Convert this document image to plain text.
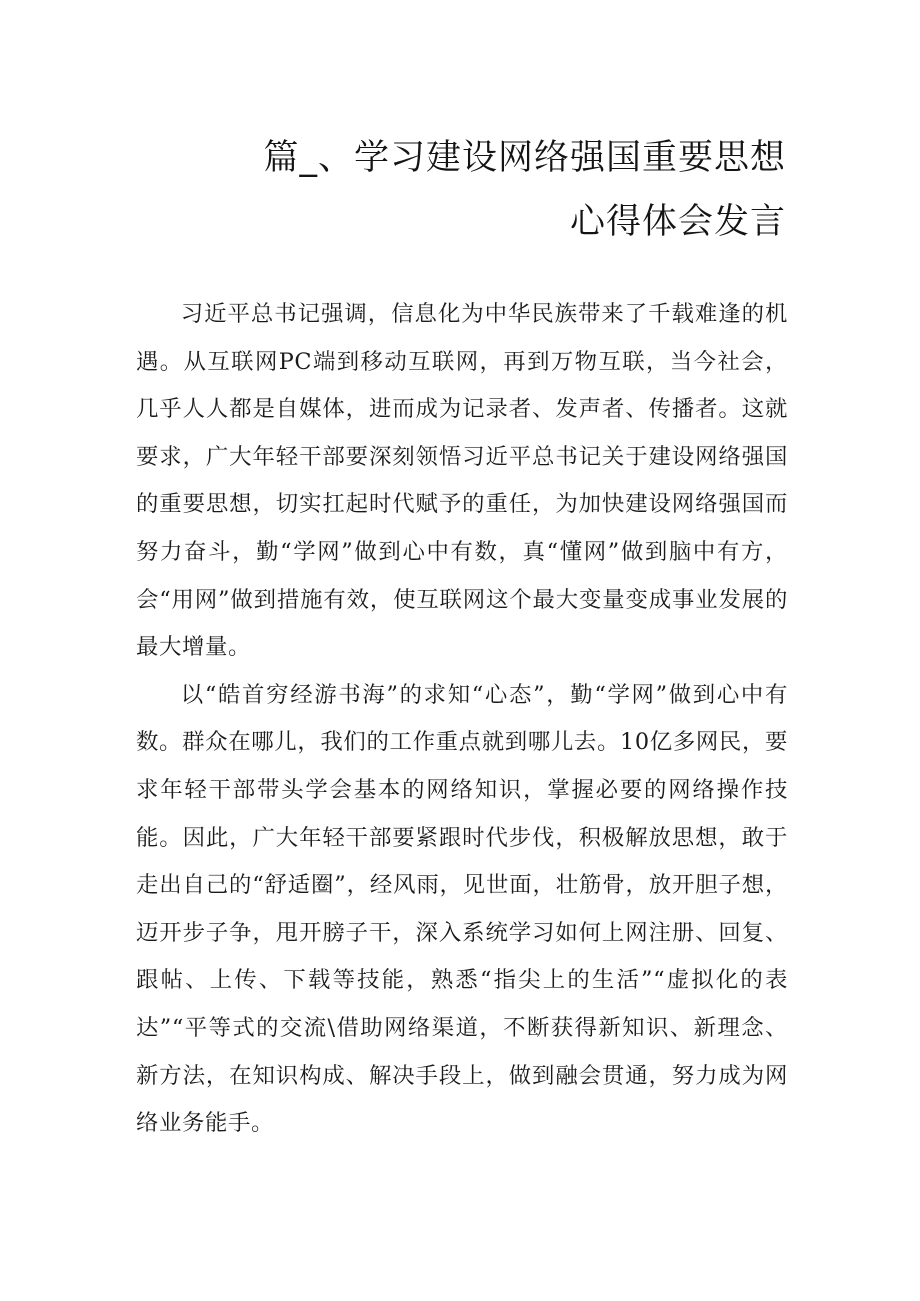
篇_、学习建设网络强国重要思想
心得体会发言

习近平总书记强调，信息化为中华民族带来了千载难逢的机遇。从互联网PC端到移动互联网，再到万物互联，当今社会，几乎人人都是自媒体，进而成为记录者、发声者、传播者。这就要求，广大年轻干部要深刻领悟习近平总书记关于建设网络强国的重要思想，切实扛起时代赋予的重任，为加快建设网络强国而努力奋斗，勤“学网”做到心中有数，真“懂网”做到脑中有方，会“用网”做到措施有效，使互联网这个最大变量变成事业发展的最大增量。

以“皓首穷经游书海”的求知“心态”，勤“学网”做到心中有数。群众在哪儿，我们的工作重点就到哪儿去。10亿多网民，要求年轻干部带头学会基本的网络知识，掌握必要的网络操作技能。因此，广大年轻干部要紧跟时代步伐，积极解放思想，敢于走出自己的“舒适圈”，经风雨，见世面，壮筋骨，放开胆子想，迈开步子争，甩开膀子干，深入系统学习如何上网注册、回复、跟帖、上传、下载等技能，熟悉“指尖上的生活”“虚拟化的表达”“平等式的交流\借助网络渠道，不断获得新知识、新理念、新方法，在知识构成、解决手段上，做到融会贯通，努力成为网络业务能手。
